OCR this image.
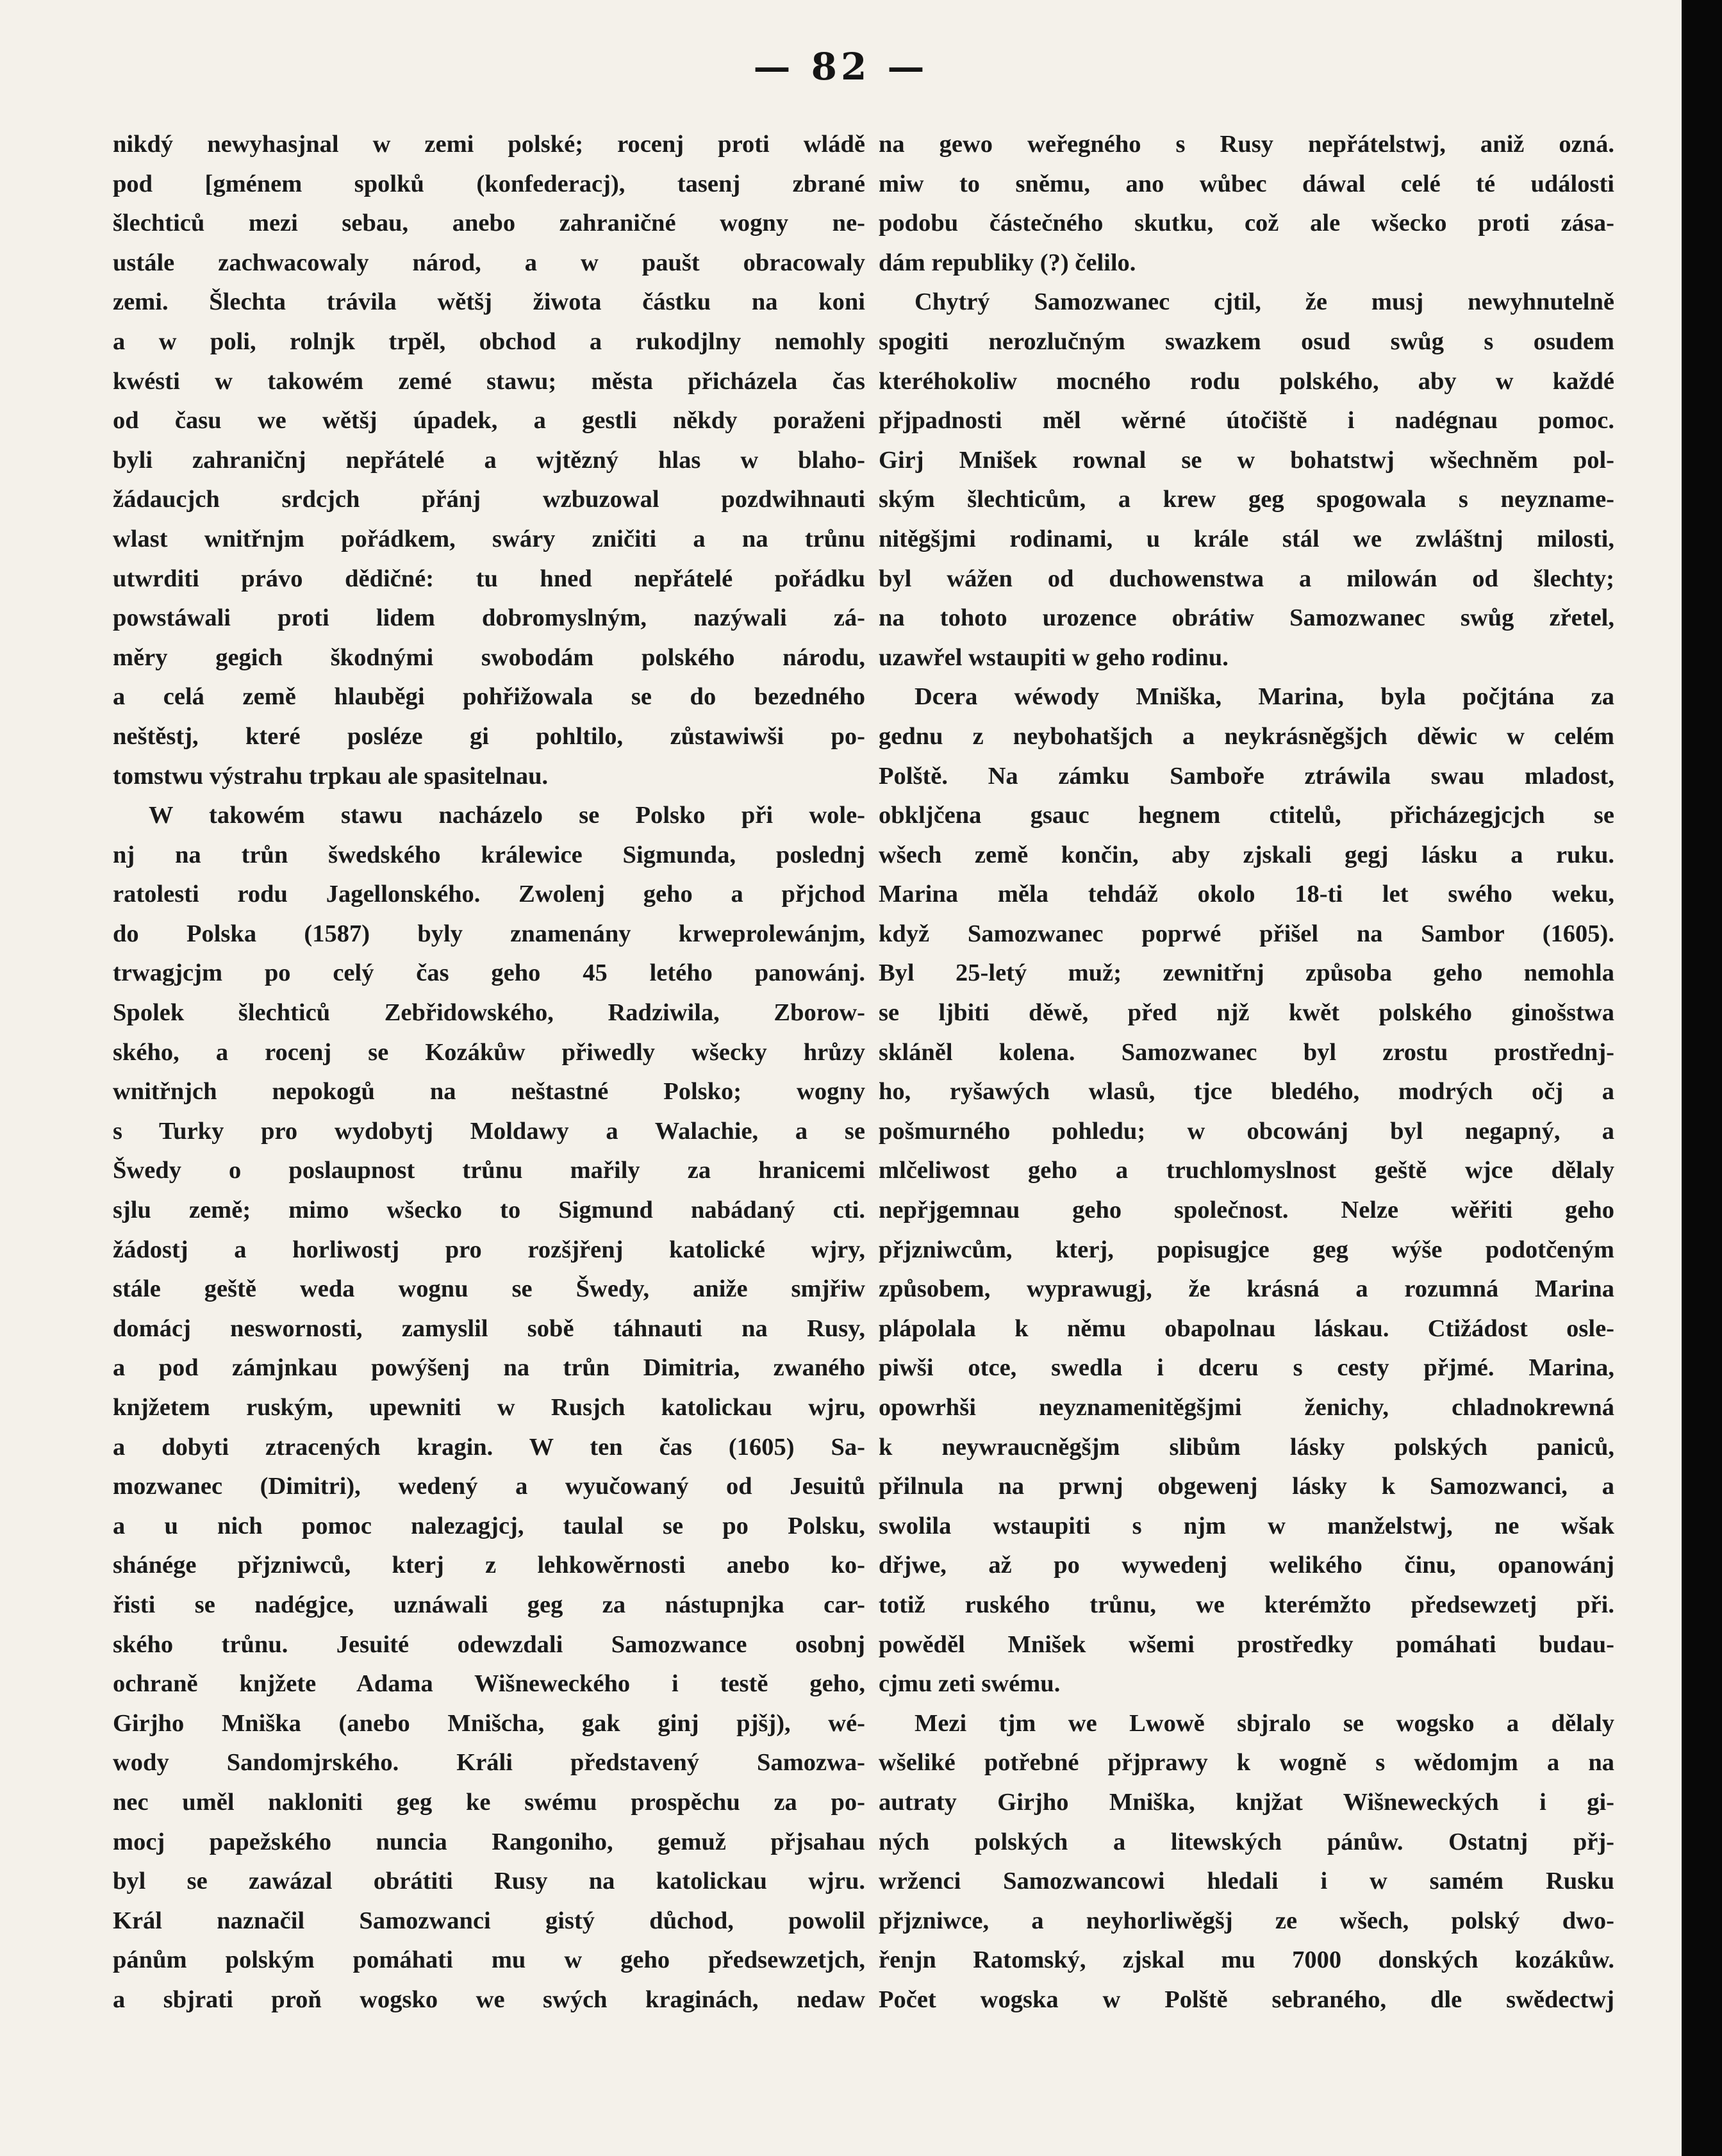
— 82 —
nikdý newyhasjnal w zemi polské; rocenj proti wládě
pod [gménem spolků (konfederacj), tasenj zbrané
šlechticů mezi sebau, anebo zahraničné wogny ne-
ustále zachwacowaly národ, a w paušt obracowaly
zemi. Šlechta trávila wětšj žiwota částku na koni
a w poli, rolnjk trpěl, obchod a rukodjlny nemohly
kwésti w takowém zemé stawu; města přicházela čas
od času we wětšj úpadek, a gestli někdy poraženi
byli zahraničnj nepřátelé a wjtězný hlas w blaho-
žádaucjch srdcjch přánj wzbuzowal pozdwihnauti
wlast wnitřnjm pořádkem, swáry zničiti a na trůnu
utwrditi právo dědičné: tu hned nepřátelé pořádku
powstáwali proti lidem dobromyslným, nazýwali zá-
měry gegich škodnými swobodám polského národu,
a celá země hlauběgi pohřižowala se do bezedného
neštěstj, které posléze gi pohltilo, zůstawiwši po-
tomstwu výstrahu trpkau ale spasitelnau.
W takowém stawu nacházelo se Polsko při wole-
nj na trůn šwedského králewice Sigmunda, poslednj
ratolesti rodu Jagellonského. Zwolenj geho a přjchod
do Polska (1587) byly znamenány krweprolewánjm,
trwagjcjm po celý čas geho 45 letého panowánj.
Spolek šlechticů Zebřidowského, Radziwila, Zborow-
ského, a rocenj se Kozákůw přiwedly wšecky hrůzy
wnitřnjch nepokogů na neštastné Polsko; wogny
s Turky pro wydobytj Moldawy a Walachie, a se
Šwedy o poslaupnost trůnu mařily za hranicemi
sjlu země; mimo wšecko to Sigmund nabádaný cti.
žádostj a horliwostj pro rozšjřenj katolické wjry,
stále geště weda wognu se Šwedy, aniže smjřiw
domácj neswornosti, zamyslil sobě táhnauti na Rusy,
a pod zámjnkau powýšenj na trůn Dimitria, zwaného
knjžetem ruským, upewniti w Rusjch katolickau wjru,
a dobyti ztracených kragin. W ten čas (1605) Sa-
mozwanec (Dimitri), wedený a wyučowaný od Jesuitů
a u nich pomoc nalezagjcj, taulal se po Polsku,
shánége přjzniwců, kterj z lehkowěrnosti anebo ko-
řisti se nadégjce, uznáwali geg za nástupnjka car-
ského trůnu. Jesuité odewzdali Samozwance osobnj
ochraně knjžete Adama Wišneweckého i testě geho,
Girjho Mniška (anebo Mnišcha, gak ginj pjšj), wé-
wody Sandomjrského. Králi představený Samozwa-
nec uměl nakloniti geg ke swému prospěchu za po-
mocj papežského nuncia Rangoniho, gemuž přjsahau
byl se zawázal obrátiti Rusy na katolickau wjru.
Král naznačil Samozwanci gistý důchod, powolil
pánům polským pomáhati mu w geho předsewzetjch,
a sbjrati proň wogsko we swých kraginách, nedaw
na gewo weřegného s Rusy nepřátelstwj, aniž ozná.
miw to sněmu, ano wůbec dáwal celé té události
podobu částečného skutku, což ale wšecko proti zása-
dám republiky (?) čelilo.
Chytrý Samozwanec cjtil, že musj newyhnutelně
spogiti nerozlučným swazkem osud swůg s osudem
kteréhokoliw mocného rodu polského, aby w každé
přjpadnosti měl wěrné útočiště i nadégnau pomoc.
Girj Mnišek rownal se w bohatstwj wšechněm pol-
ským šlechticům, a krew geg spogowala s neyzname-
nitěgšjmi rodinami, u krále stál we zwláštnj milosti,
byl wážen od duchowenstwa a milowán od šlechty;
na tohoto urozence obrátiw Samozwanec swůg zřetel,
uzawřel wstaupiti w geho rodinu.
Dcera wéwody Mniška, Marina, byla počjtána za
gednu z neybohatšjch a neykrásněgšjch děwic w celém
Polště. Na zámku Samboře ztráwila swau mladost,
obkljčena gsauc hegnem ctitelů, přicházegjcjch se
wšech země končin, aby zjskali gegj lásku a ruku.
Marina měla tehdáž okolo 18-ti let swého weku,
když Samozwanec poprwé přišel na Sambor (1605).
Byl 25-letý muž; zewnitřnj způsoba geho nemohla
se ljbiti děwě, před njž kwět polského ginošstwa
skláněl kolena. Samozwanec byl zrostu prostřednj-
ho, ryšawých wlasů, tjce bledého, modrých očj a
pošmurného pohledu; w obcowánj byl negapný, a
mlčeliwost geho a truchlomyslnost geště wjce dělaly
nepřjgemnau geho společnost. Nelze wěřiti geho
přjzniwcům, kterj, popisugjce geg wýše podotčeným
způsobem, wyprawugj, že krásná a rozumná Marina
plápolala k němu obapolnau láskau. Ctižádost osle-
piwši otce, swedla i dceru s cesty přjmé. Marina,
opowrhši neyznamenitěgšjmi ženichy, chladnokrewná
k neywraucněgšjm slibům lásky polských paniců,
přilnula na prwnj obgewenj lásky k Samozwanci, a
swolila wstaupiti s njm w manželstwj, ne wšak
dřjwe, až po wywedenj welikého činu, opanowánj
totiž ruského trůnu, we kterémžto předsewzetj při.
powěděl Mnišek wšemi prostředky pomáhati budau-
cjmu zeti swému.
Mezi tjm we Lwowě sbjralo se wogsko a dělaly
wšeliké potřebné přjprawy k wogně s wědomjm a na
autraty Girjho Mniška, knjžat Wišneweckých i gi-
ných polských a litewských pánůw. Ostatnj přj-
wrženci Samozwancowi hledali i w samém Rusku
přjzniwce, a neyhorliwěgšj ze wšech, polský dwo-
řenjn Ratomský, zjskal mu 7000 donských kozákůw.
Počet wogska w Polště sebraného, dle swědectwj
